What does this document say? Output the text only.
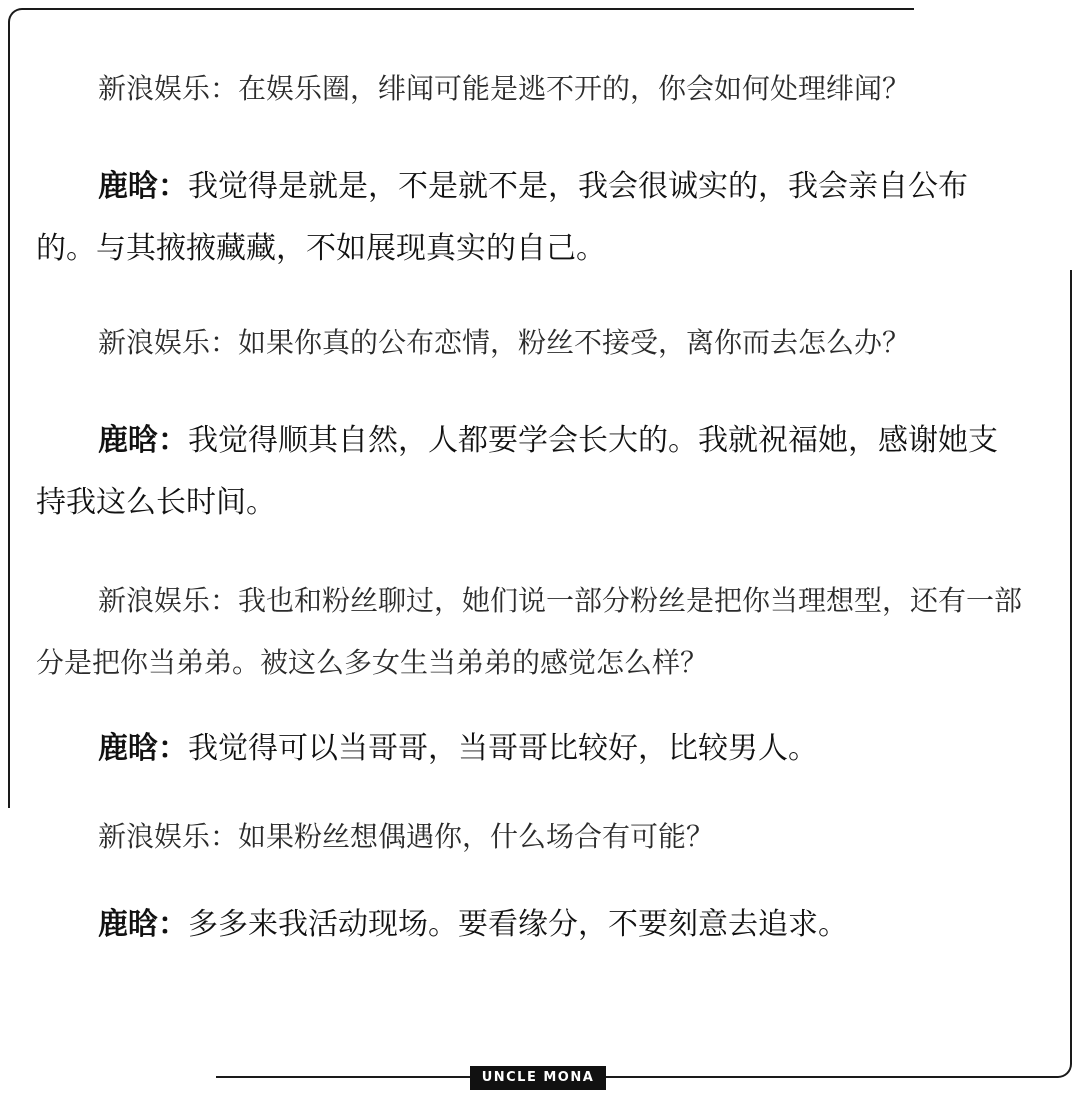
新浪娱乐：在娱乐圈，绯闻可能是逃不开的，你会如何处理绯闻？

鹿晗：我觉得是就是，不是就不是，我会很诚实的，我会亲自公布的。与其掖掖藏藏，不如展现真实的自己。

新浪娱乐：如果你真的公布恋情，粉丝不接受，离你而去怎么办？

鹿晗：我觉得顺其自然，人都要学会长大的。我就祝福她，感谢她支持我这么长时间。

新浪娱乐：我也和粉丝聊过，她们说一部分粉丝是把你当理想型，还有一部分是把你当弟弟。被这么多女生当弟弟的感觉怎么样？

鹿晗：我觉得可以当哥哥，当哥哥比较好，比较男人。

新浪娱乐：如果粉丝想偶遇你，什么场合有可能？

鹿晗：多多来我活动现场。要看缘分，不要刻意去追求。

UNCLE MONA
